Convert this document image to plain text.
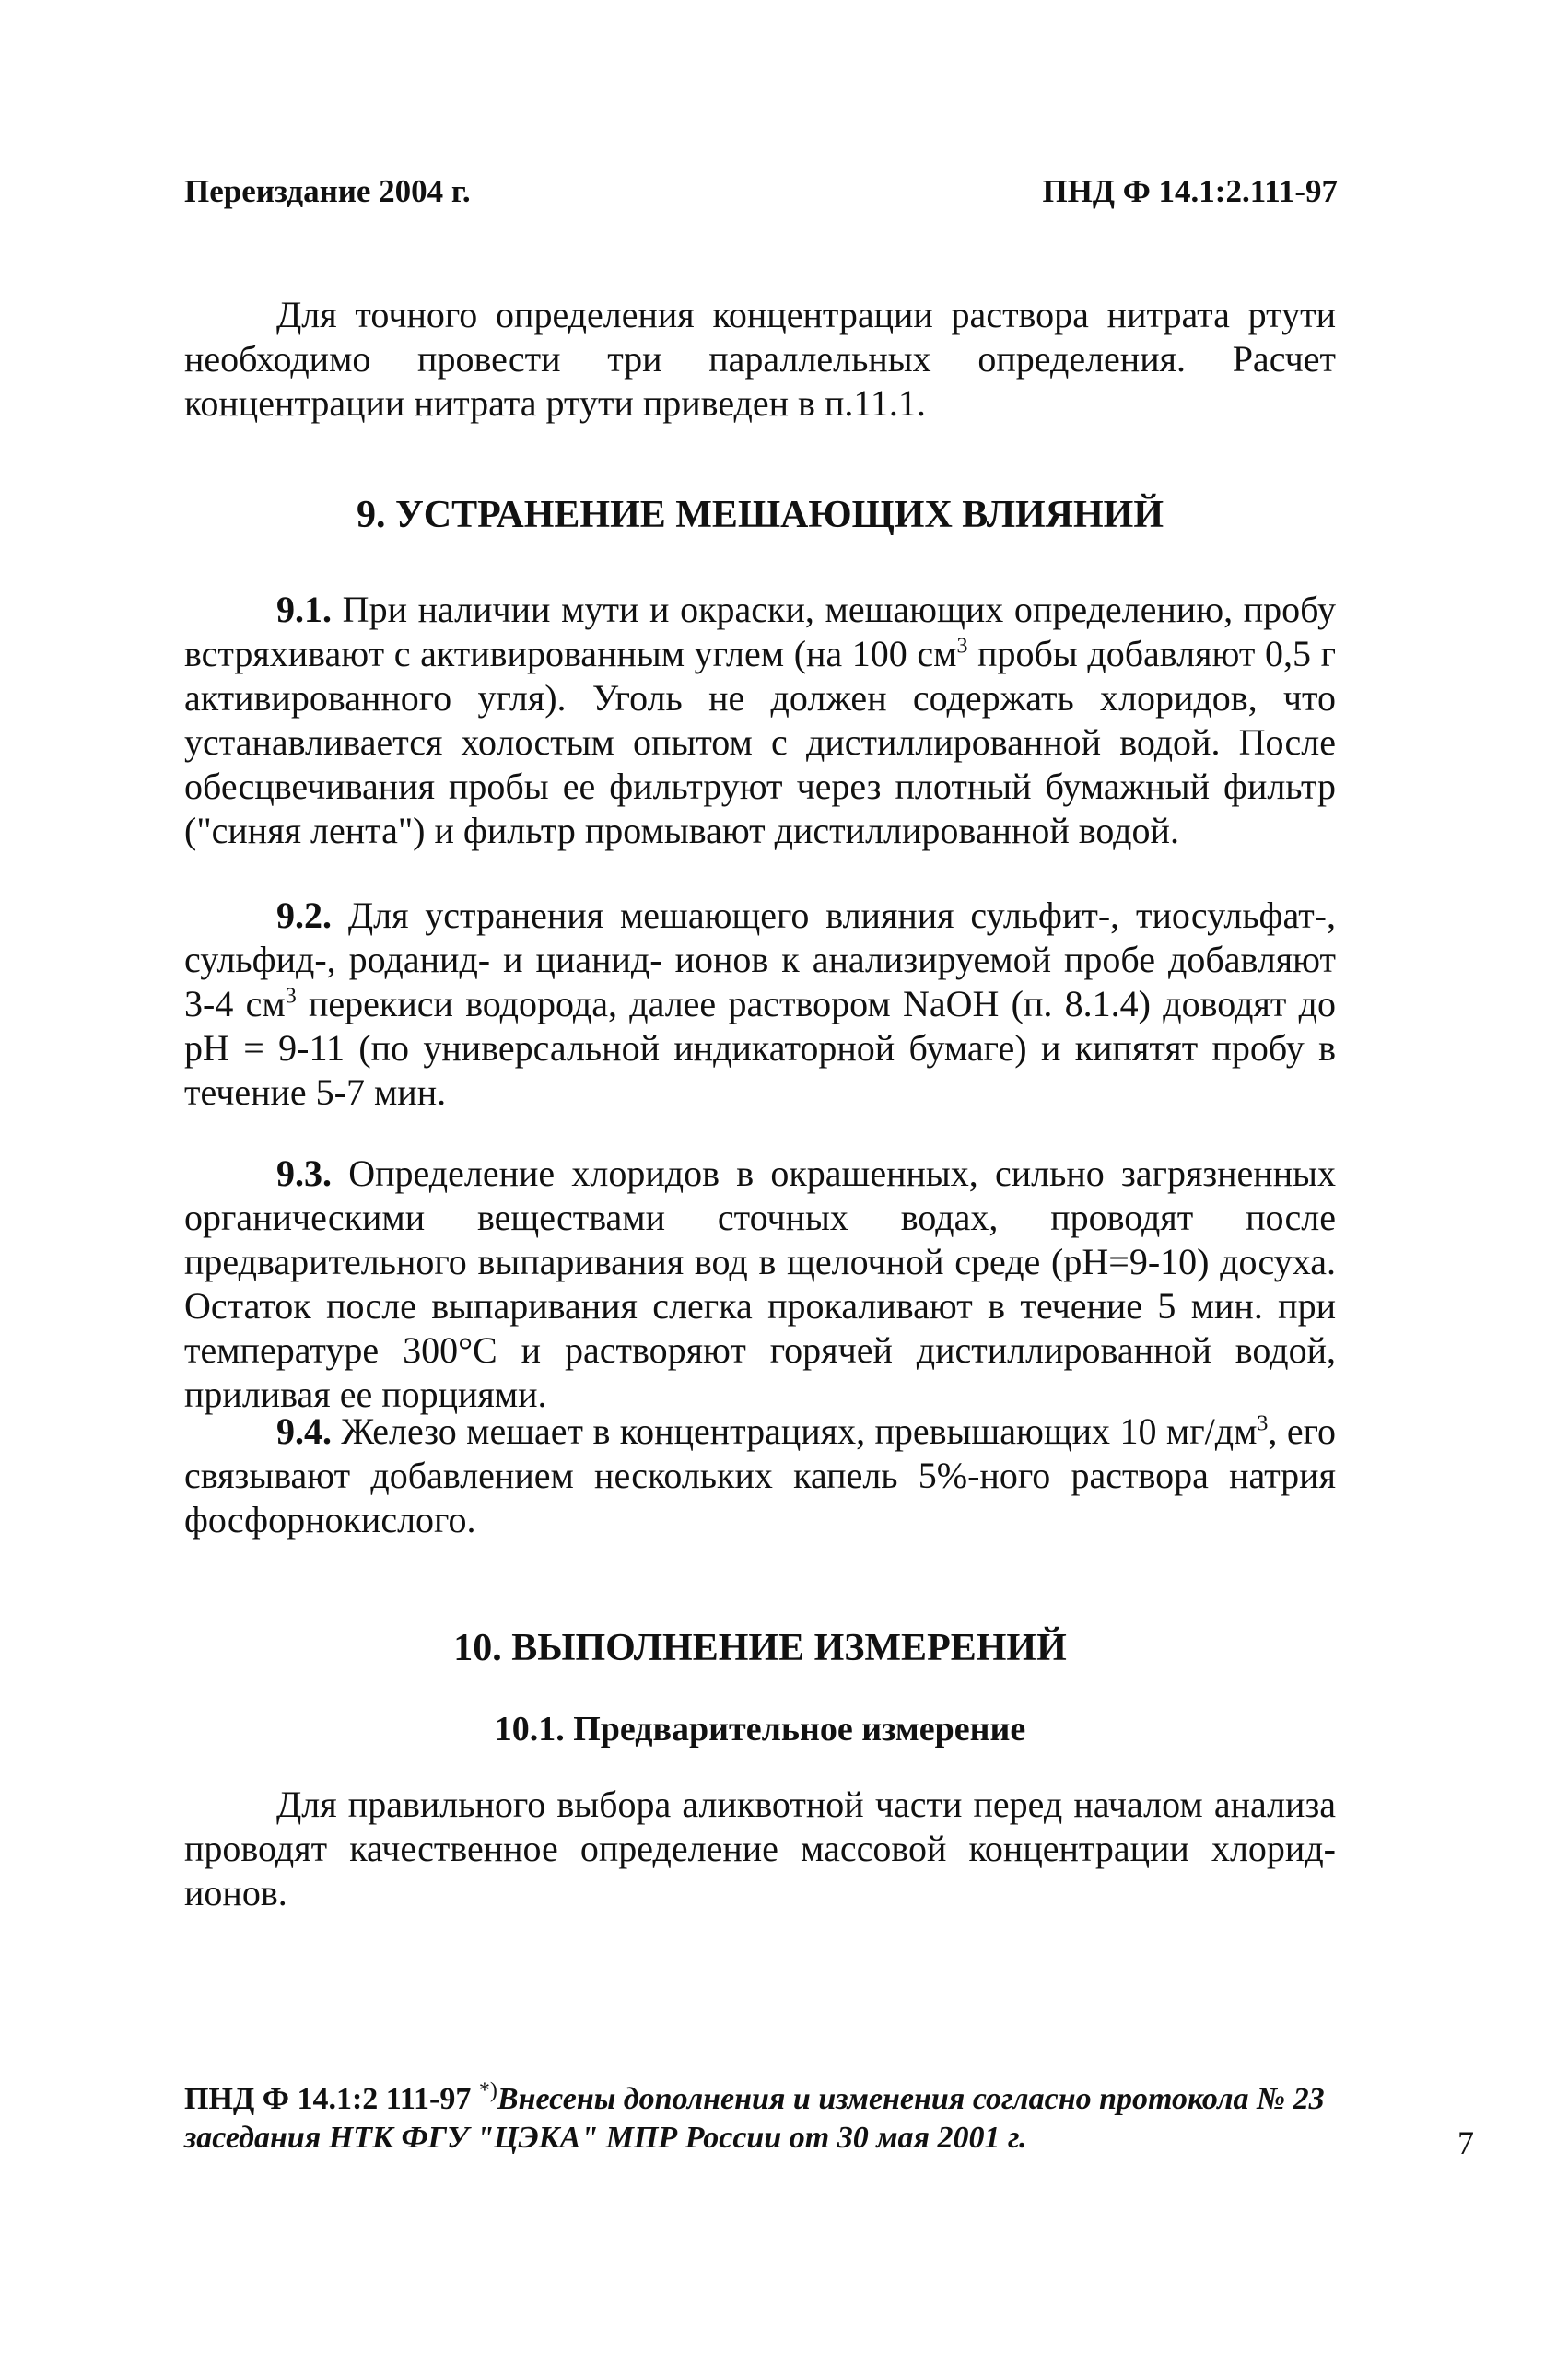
Переиздание 2004 г.	ПНД Ф 14.1:2.111-97
Для точного определения концентрации раствора нитрата ртути необходимо провести три параллельных определения. Расчет концентрации нитрата ртути приведен в п.11.1.
9. УСТРАНЕНИЕ МЕШАЮЩИХ ВЛИЯНИЙ
9.1. При наличии мути и окраски, мешающих определению, пробу встряхивают с активированным углем (на 100 $см^3$ пробы добавляют 0,5 г активированного угля). Уголь не должен содержать хлоридов, что устанавливается холостым опытом с дистиллированной водой. После обесцвечивания пробы ее фильтруют через плотный бумажный фильтр ("синяя лента") и фильтр промывают дистиллированной водой.
9.2. Для устранения мешающего влияния сульфит-, тиосульфат-, сульфид-, роданид- и цианид- ионов к анализируемой пробе добавляют 3-4 $см^3$ перекиси водорода, далее раствором NaOH (п. 8.1.4) доводят до pH = 9-11 (по универсальной индикаторной бумаге) и кипятят пробу в течение 5-7 мин.
9.3. Определение хлоридов в окрашенных, сильно загрязненных органическими веществами сточных водах, проводят после предварительного выпаривания вод в щелочной среде (pH=9-10) досуха. Остаток после выпаривания слегка прокаливают в течение 5 мин. при температуре 300°С и растворяют горячей дистиллированной водой, приливая ее порциями.
9.4. Железо мешает в концентрациях, превышающих 10 $мг/дм^3$, его связывают добавлением нескольких капель 5%-ного раствора натрия фосфорнокислого.
10. ВЫПОЛНЕНИЕ ИЗМЕРЕНИЙ
10.1. Предварительное измерение
Для правильного выбора аликвотной части перед началом анализа проводят качественное определение массовой концентрации хлорид-ионов.
ПНД Ф 14.1:2 111-97 *)Внесены дополнения и изменения согласно протокола № 23 заседания НТК ФГУ "ЦЭКА" МПР России от 30 мая 2001 г.	7
